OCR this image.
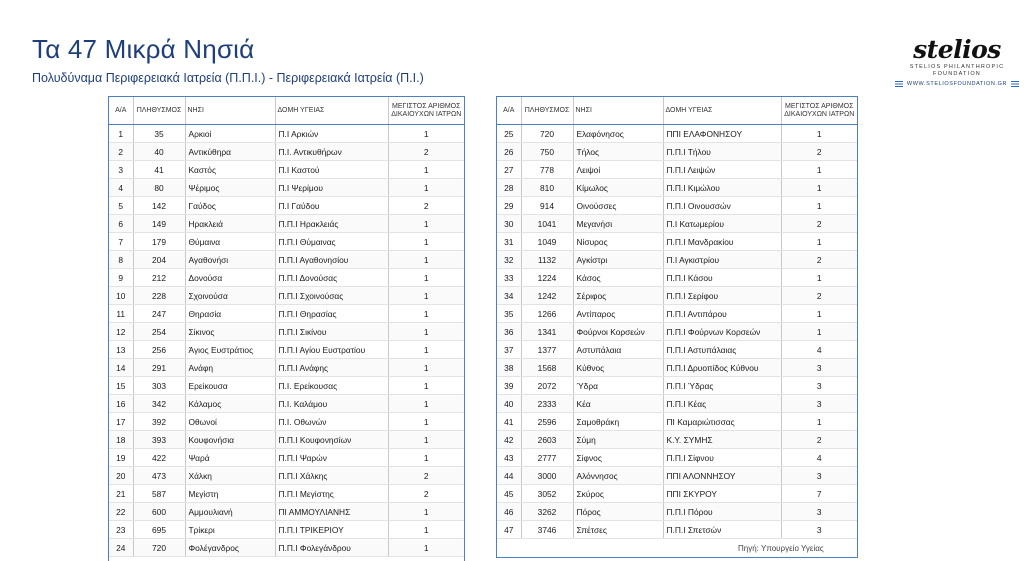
Τα 47 Μικρά Νησιά
Πολυδύναμα Περιφερειακά Ιατρεία (Π.Π.Ι.) - Περιφερειακά Ιατρεία (Π.Ι.)
stelios
STELIOS PHILANTHROPIC
FOUNDATION
WWW.STELIOSFOUNDATION.GR
Α/Α	ΠΛΗΘΥΣΜΟΣ	ΝΗΣΙ	ΔΟΜΗ ΥΓΕΙΑΣ	ΜΕΓΙΣΤΟΣ ΑΡΙΘΜΟΣ ΔΙΚΑΙΟΥΧΩΝ ΙΑΤΡΩΝ
1	35	Αρκιοί	Π.Ι Αρκιών	1
2	40	Αντικύθηρα	Π.Ι. Αντικυθήρων	2
3	41	Καστός	Π.Ι Καστού	1
4	80	Ψέριμος	Π.Ι Ψερίμου	1
5	142	Γαύδος	Π.Ι Γαύδου	2
6	149	Ηρακλειά	Π.Π.Ι Ηρακλειάς	1
7	179	Θύμαινα	Π.Π.Ι Θύμαινας	1
8	204	Αγαθονήσι	Π.Π.Ι Αγαθονησίου	1
9	212	Δονούσα	Π.Π.Ι Δονούσας	1
10	228	Σχοινούσα	Π.Π.Ι Σχοινούσας	1
11	247	Θηρασία	Π.Π.Ι Θηρασίας	1
12	254	Σίκινος	Π.Π.Ι Σικίνου	1
13	256	Άγιος Ευστράτιος	Π.Π.Ι Αγίου Ευστρατίου	1
14	291	Ανάφη	Π.Π.Ι Ανάφης	1
15	303	Ερείκουσα	Π.Ι. Ερείκουσας	1
16	342	Κάλαμος	Π.Ι. Καλάμου	1
17	392	Οθωνοί	Π.Ι. Οθωνών	1
18	393	Κουφονήσια	Π.Π.Ι Κουφονησίων	1
19	422	Ψαρά	Π.Π.Ι Ψαρών	1
20	473	Χάλκη	Π.Π.Ι Χάλκης	2
21	587	Μεγίστη	Π.Π.Ι Μεγίστης	2
22	600	Αμμουλιανή	ΠΙ ΑΜΜΟΥΛΙΑΝΗΣ	1
23	695	Τρίκερι	Π.Π.Ι ΤΡΙΚΕΡΙΟΥ	1
24	720	Φολέγανδρος	Π.Π.Ι Φολεγάνδρου	1
Α/Α	ΠΛΗΘΥΣΜΟΣ	ΝΗΣΙ	ΔΟΜΗ ΥΓΕΙΑΣ	ΜΕΓΙΣΤΟΣ ΑΡΙΘΜΟΣ ΔΙΚΑΙΟΥΧΩΝ ΙΑΤΡΩΝ
25	720	Ελαφόνησος	ΠΠΙ ΕΛΑΦΟΝΗΣΟΥ	1
26	750	Τήλος	Π.Π.Ι Τήλου	2
27	778	Λειψοί	Π.Π.Ι Λειψών	1
28	810	Κίμωλος	Π.Π.Ι Κιμώλου	1
29	914	Οινούσσες	Π.Π.Ι Οινουσσών	1
30	1041	Μεγανήσι	Π.Ι Κατωμερίου	2
31	1049	Νίσυρος	Π.Π.Ι Μανδρακίου	1
32	1132	Αγκίστρι	Π.Ι Αγκιστρίου	2
33	1224	Κάσος	Π.Π.Ι Κάσου	1
34	1242	Σέριφος	Π.Π.Ι Σερίφου	2
35	1266	Αντίπαρος	Π.Π.Ι Αντιπάρου	1
36	1341	Φούρνοι Κορσεών	Π.Π.Ι Φούρνων Κορσεών	1
37	1377	Αστυπάλαια	Π.Π.Ι Αστυπάλαιας	4
38	1568	Κύθνος	Π.Π.Ι Δρυοπίδος Κύθνου	3
39	2072	Ύδρα	Π.Π.Ι Ύδρας	3
40	2333	Κέα	Π.Π.Ι Κέας	3
41	2596	Σαμοθράκη	ΠΙ Καμαριώτισσας	1
42	2603	Σύμη	Κ.Υ. ΣΥΜΗΣ	2
43	2777	Σίφνος	Π.Π.Ι Σίφνου	4
44	3000	Αλόννησος	ΠΠΙ ΑΛΟΝΝΗΣΟΥ	3
45	3052	Σκύρος	ΠΠΙ ΣΚΥΡΟΥ	7
46	3262	Πόρος	Π.Π.Ι Πόρου	3
47	3746	Σπέτσες	Π.Π.Ι Σπετσών	3
Πηγή: Υπουργείο Υγείας
